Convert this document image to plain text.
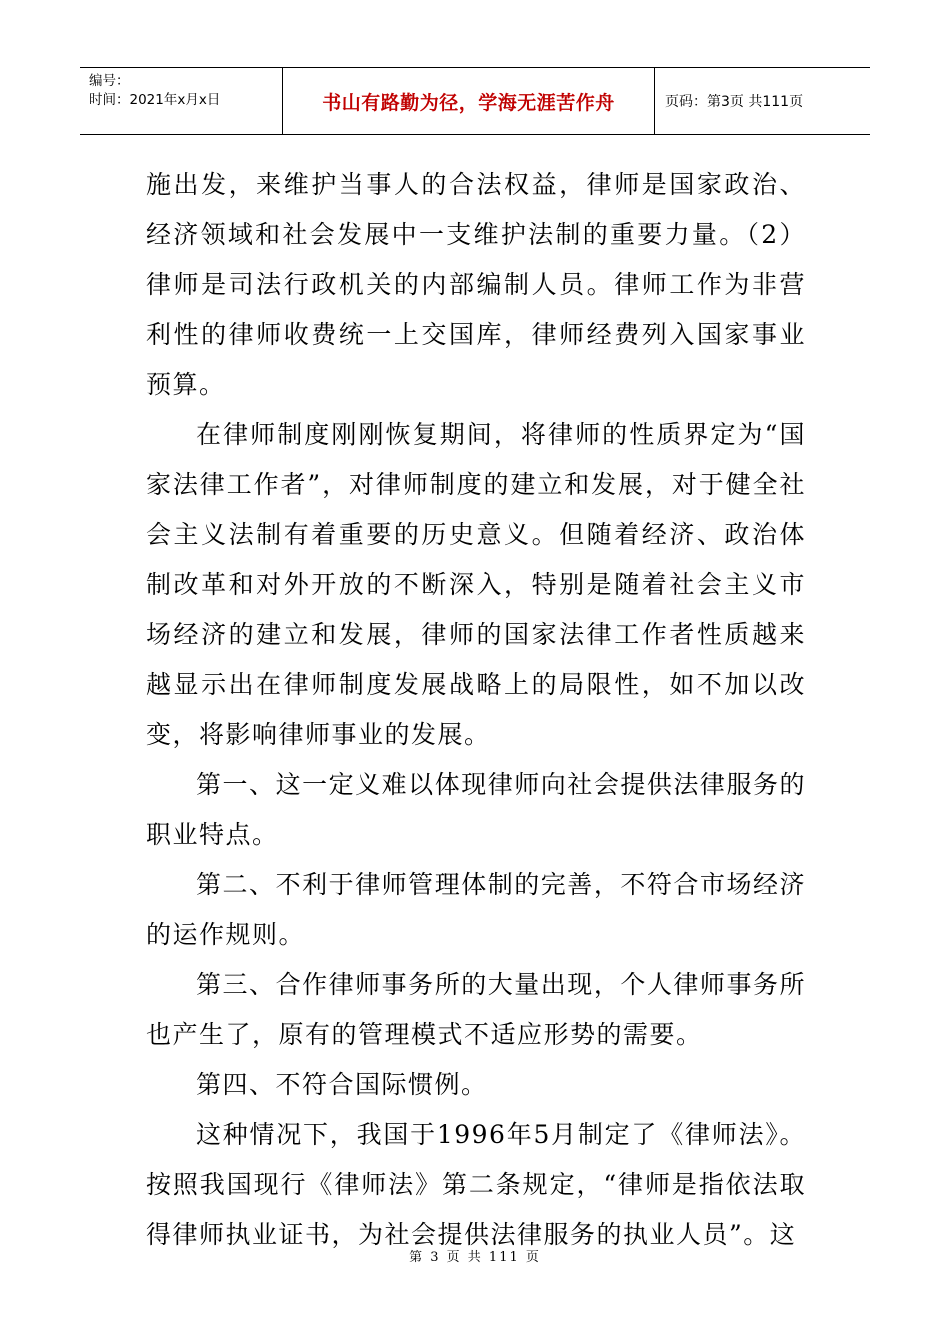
编号：
时间：2021年x月x日	书山有路勤为径，学海无涯苦作舟	页码：第3页 共111页

施出发，来维护当事人的合法权益，律师是国家政治、经济领域和社会发展中一支维护法制的重要力量。（2）律师是司法行政机关的内部编制人员。律师工作为非营利性的律师收费统一上交国库，律师经费列入国家事业预算。

在律师制度刚刚恢复期间，将律师的性质界定为“国家法律工作者”，对律师制度的建立和发展，对于健全社会主义法制有着重要的历史意义。但随着经济、政治体制改革和对外开放的不断深入，特别是随着社会主义市场经济的建立和发展，律师的国家法律工作者性质越来越显示出在律师制度发展战略上的局限性，如不加以改变，将影响律师事业的发展。

第一、这一定义难以体现律师向社会提供法律服务的职业特点。

第二、不利于律师管理体制的完善，不符合市场经济的运作规则。

第三、合作律师事务所的大量出现，个人律师事务所也产生了，原有的管理模式不适应形势的需要。

第四、不符合国际惯例。

这种情况下，我国于1996年5月制定了《律师法》。按照我国现行《律师法》第二条规定，“律师是指依法取得律师执业证书，为社会提供法律服务的执业人员”。这

第 3 页 共 111 页
